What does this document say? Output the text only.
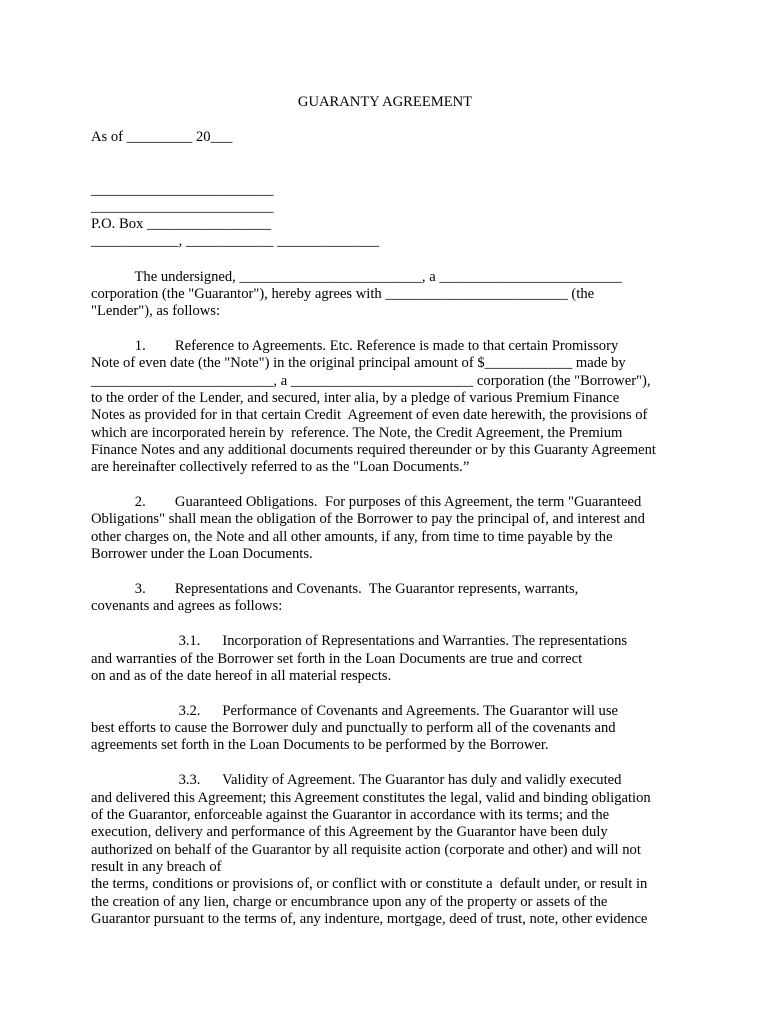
GUARANTY AGREEMENT
As of _________ 20___
_________________________
_________________________
P.O. Box _________________
____________, ____________ ______________
The undersigned, _________________________, a _________________________
corporation (the "Guarantor"), hereby agrees with _________________________ (the
"Lender"), as follows:
1.        Reference to Agreements. Etc. Reference is made to that certain Promissory
Note of even date (the "Note") in the original principal amount of $____________ made by
_________________________, a _________________________ corporation (the "Borrower"),
to the order of the Lender, and secured, inter alia, by a pledge of various Premium Finance
Notes as provided for in that certain Credit  Agreement of even date herewith, the provisions of
which are incorporated herein by  reference. The Note, the Credit Agreement, the Premium
Finance Notes and any additional documents required thereunder or by this Guaranty Agreement
are hereinafter collectively referred to as the "Loan Documents.”
2.        Guaranteed Obligations.  For purposes of this Agreement, the term "Guaranteed
Obligations" shall mean the obligation of the Borrower to pay the principal of, and interest and
other charges on, the Note and all other amounts, if any, from time to time payable by the
Borrower under the Loan Documents.
3.        Representations and Covenants.  The Guarantor represents, warrants,
covenants and agrees as follows:
3.1.      Incorporation of Representations and Warranties. The representations
and warranties of the Borrower set forth in the Loan Documents are true and correct
on and as of the date hereof in all material respects.
3.2.      Performance of Covenants and Agreements. The Guarantor will use
best efforts to cause the Borrower duly and punctually to perform all of the covenants and
agreements set forth in the Loan Documents to be performed by the Borrower.
3.3.      Validity of Agreement. The Guarantor has duly and validly executed
and delivered this Agreement; this Agreement constitutes the legal, valid and binding obligation
of the Guarantor, enforceable against the Guarantor in accordance with its terms; and the
execution, delivery and performance of this Agreement by the Guarantor have been duly
authorized on behalf of the Guarantor by all requisite action (corporate and other) and will not
result in any breach of
the terms, conditions or provisions of, or conflict with or constitute a  default under, or result in
the creation of any lien, charge or encumbrance upon any of the property or assets of the
Guarantor pursuant to the terms of, any indenture, mortgage, deed of trust, note, other evidence
